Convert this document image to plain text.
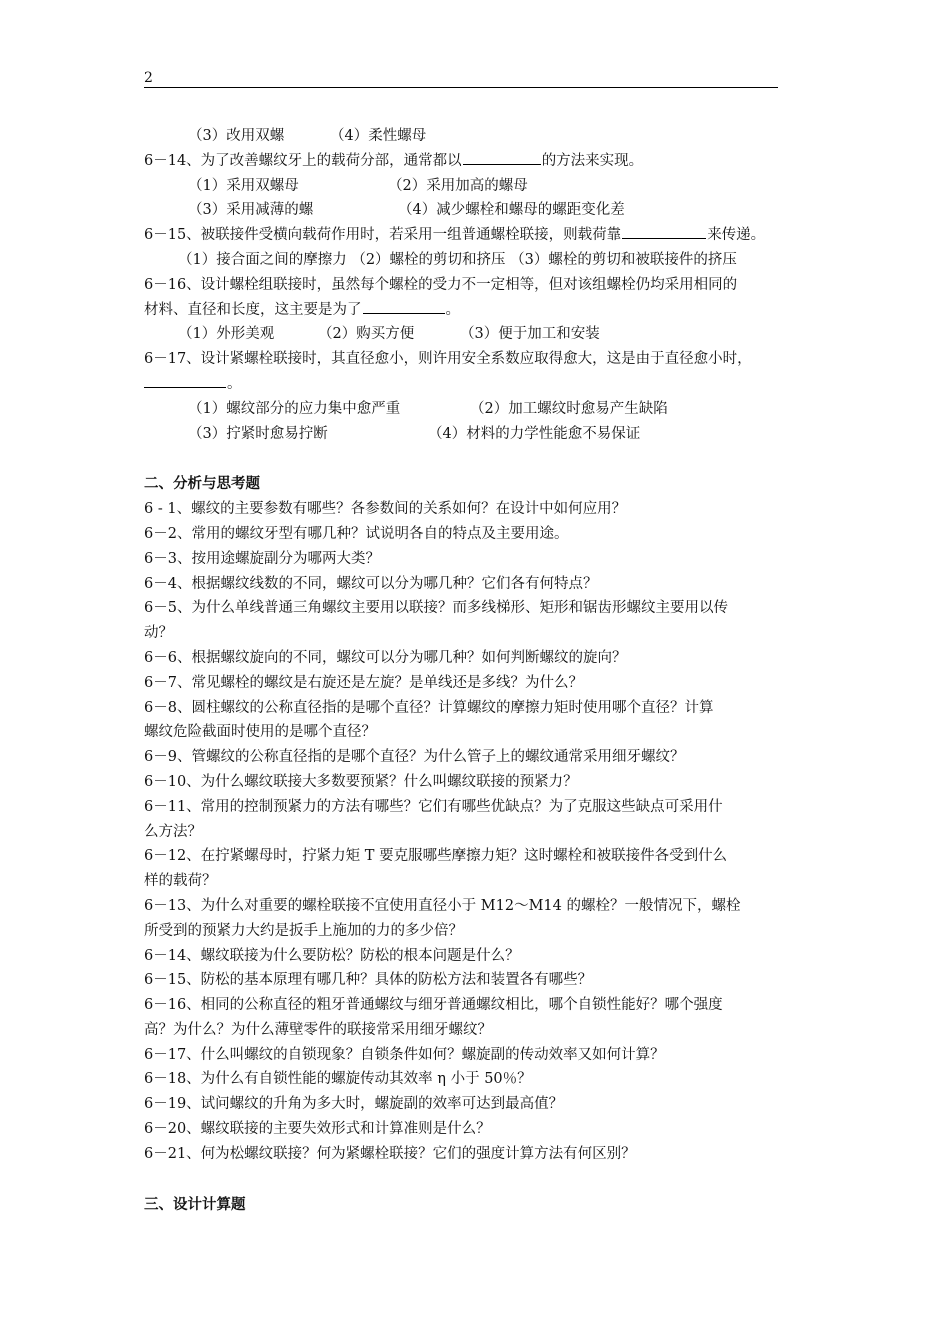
2
（3）改用双螺	（4）柔性螺母
6－14、为了改善螺纹牙上的载荷分部，通常都以	的方法来实现。
（1）采用双螺母	（2）采用加高的螺母
（3）采用减薄的螺	（4）减少螺栓和螺母的螺距变化差
6－15、被联接件受横向载荷作用时，若采用一组普通螺栓联接，则载荷靠	来传递。
（1）接合面之间的摩擦力 （2）螺栓的剪切和挤压 （3）螺栓的剪切和被联接件的挤压
6－16、设计螺栓组联接时，虽然每个螺栓的受力不一定相等，但对该组螺栓仍均采用相同的
材料、直径和长度，这主要是为了	。
（1）外形美观	（2）购买方便	（3）便于加工和安装
6－17、设计紧螺栓联接时，其直径愈小，则许用安全系数应取得愈大，这是由于直径愈小时，
。
（1）螺纹部分的应力集中愈严重	（2）加工螺纹时愈易产生缺陷
（3）拧紧时愈易拧断	（4）材料的力学性能愈不易保证
二、分析与思考题
6 - 1、螺纹的主要参数有哪些？各参数间的关系如何？在设计中如何应用？
6－2、常用的螺纹牙型有哪几种？试说明各自的特点及主要用途。
6－3、按用途螺旋副分为哪两大类？
6－4、根据螺纹线数的不同，螺纹可以分为哪几种？它们各有何特点？
6－5、为什么单线普通三角螺纹主要用以联接？而多线梯形、矩形和锯齿形螺纹主要用以传
动？
6－6、根据螺纹旋向的不同，螺纹可以分为哪几种？如何判断螺纹的旋向？
6－7、常见螺栓的螺纹是右旋还是左旋？是单线还是多线？为什么？
6－8、圆柱螺纹的公称直径指的是哪个直径？计算螺纹的摩擦力矩时使用哪个直径？计算
螺纹危险截面时使用的是哪个直径？
6－9、管螺纹的公称直径指的是哪个直径？为什么管子上的螺纹通常采用细牙螺纹？
6－10、为什么螺纹联接大多数要预紧？什么叫螺纹联接的预紧力？
6－11、常用的控制预紧力的方法有哪些？它们有哪些优缺点？为了克服这些缺点可采用什
么方法？
6－12、在拧紧螺母时，拧紧力矩 T 要克服哪些摩擦力矩？这时螺栓和被联接件各受到什么
样的载荷？
6－13、为什么对重要的螺栓联接不宜使用直径小于 M12～M14 的螺栓？一般情况下，螺栓
所受到的预紧力大约是扳手上施加的力的多少倍？
6－14、螺纹联接为什么要防松？防松的根本问题是什么？
6－15、防松的基本原理有哪几种？具体的防松方法和装置各有哪些？
6－16、相同的公称直径的粗牙普通螺纹与细牙普通螺纹相比，哪个自锁性能好？哪个强度
高？为什么？为什么薄壁零件的联接常采用细牙螺纹？
6－17、什么叫螺纹的自锁现象？自锁条件如何？螺旋副的传动效率又如何计算？
6－18、为什么有自锁性能的螺旋传动其效率 η 小于 50％？
6－19、试问螺纹的升角为多大时，螺旋副的效率可达到最高值？
6－20、螺纹联接的主要失效形式和计算准则是什么？
6－21、何为松螺纹联接？何为紧螺栓联接？它们的强度计算方法有何区别？
三、设计计算题
